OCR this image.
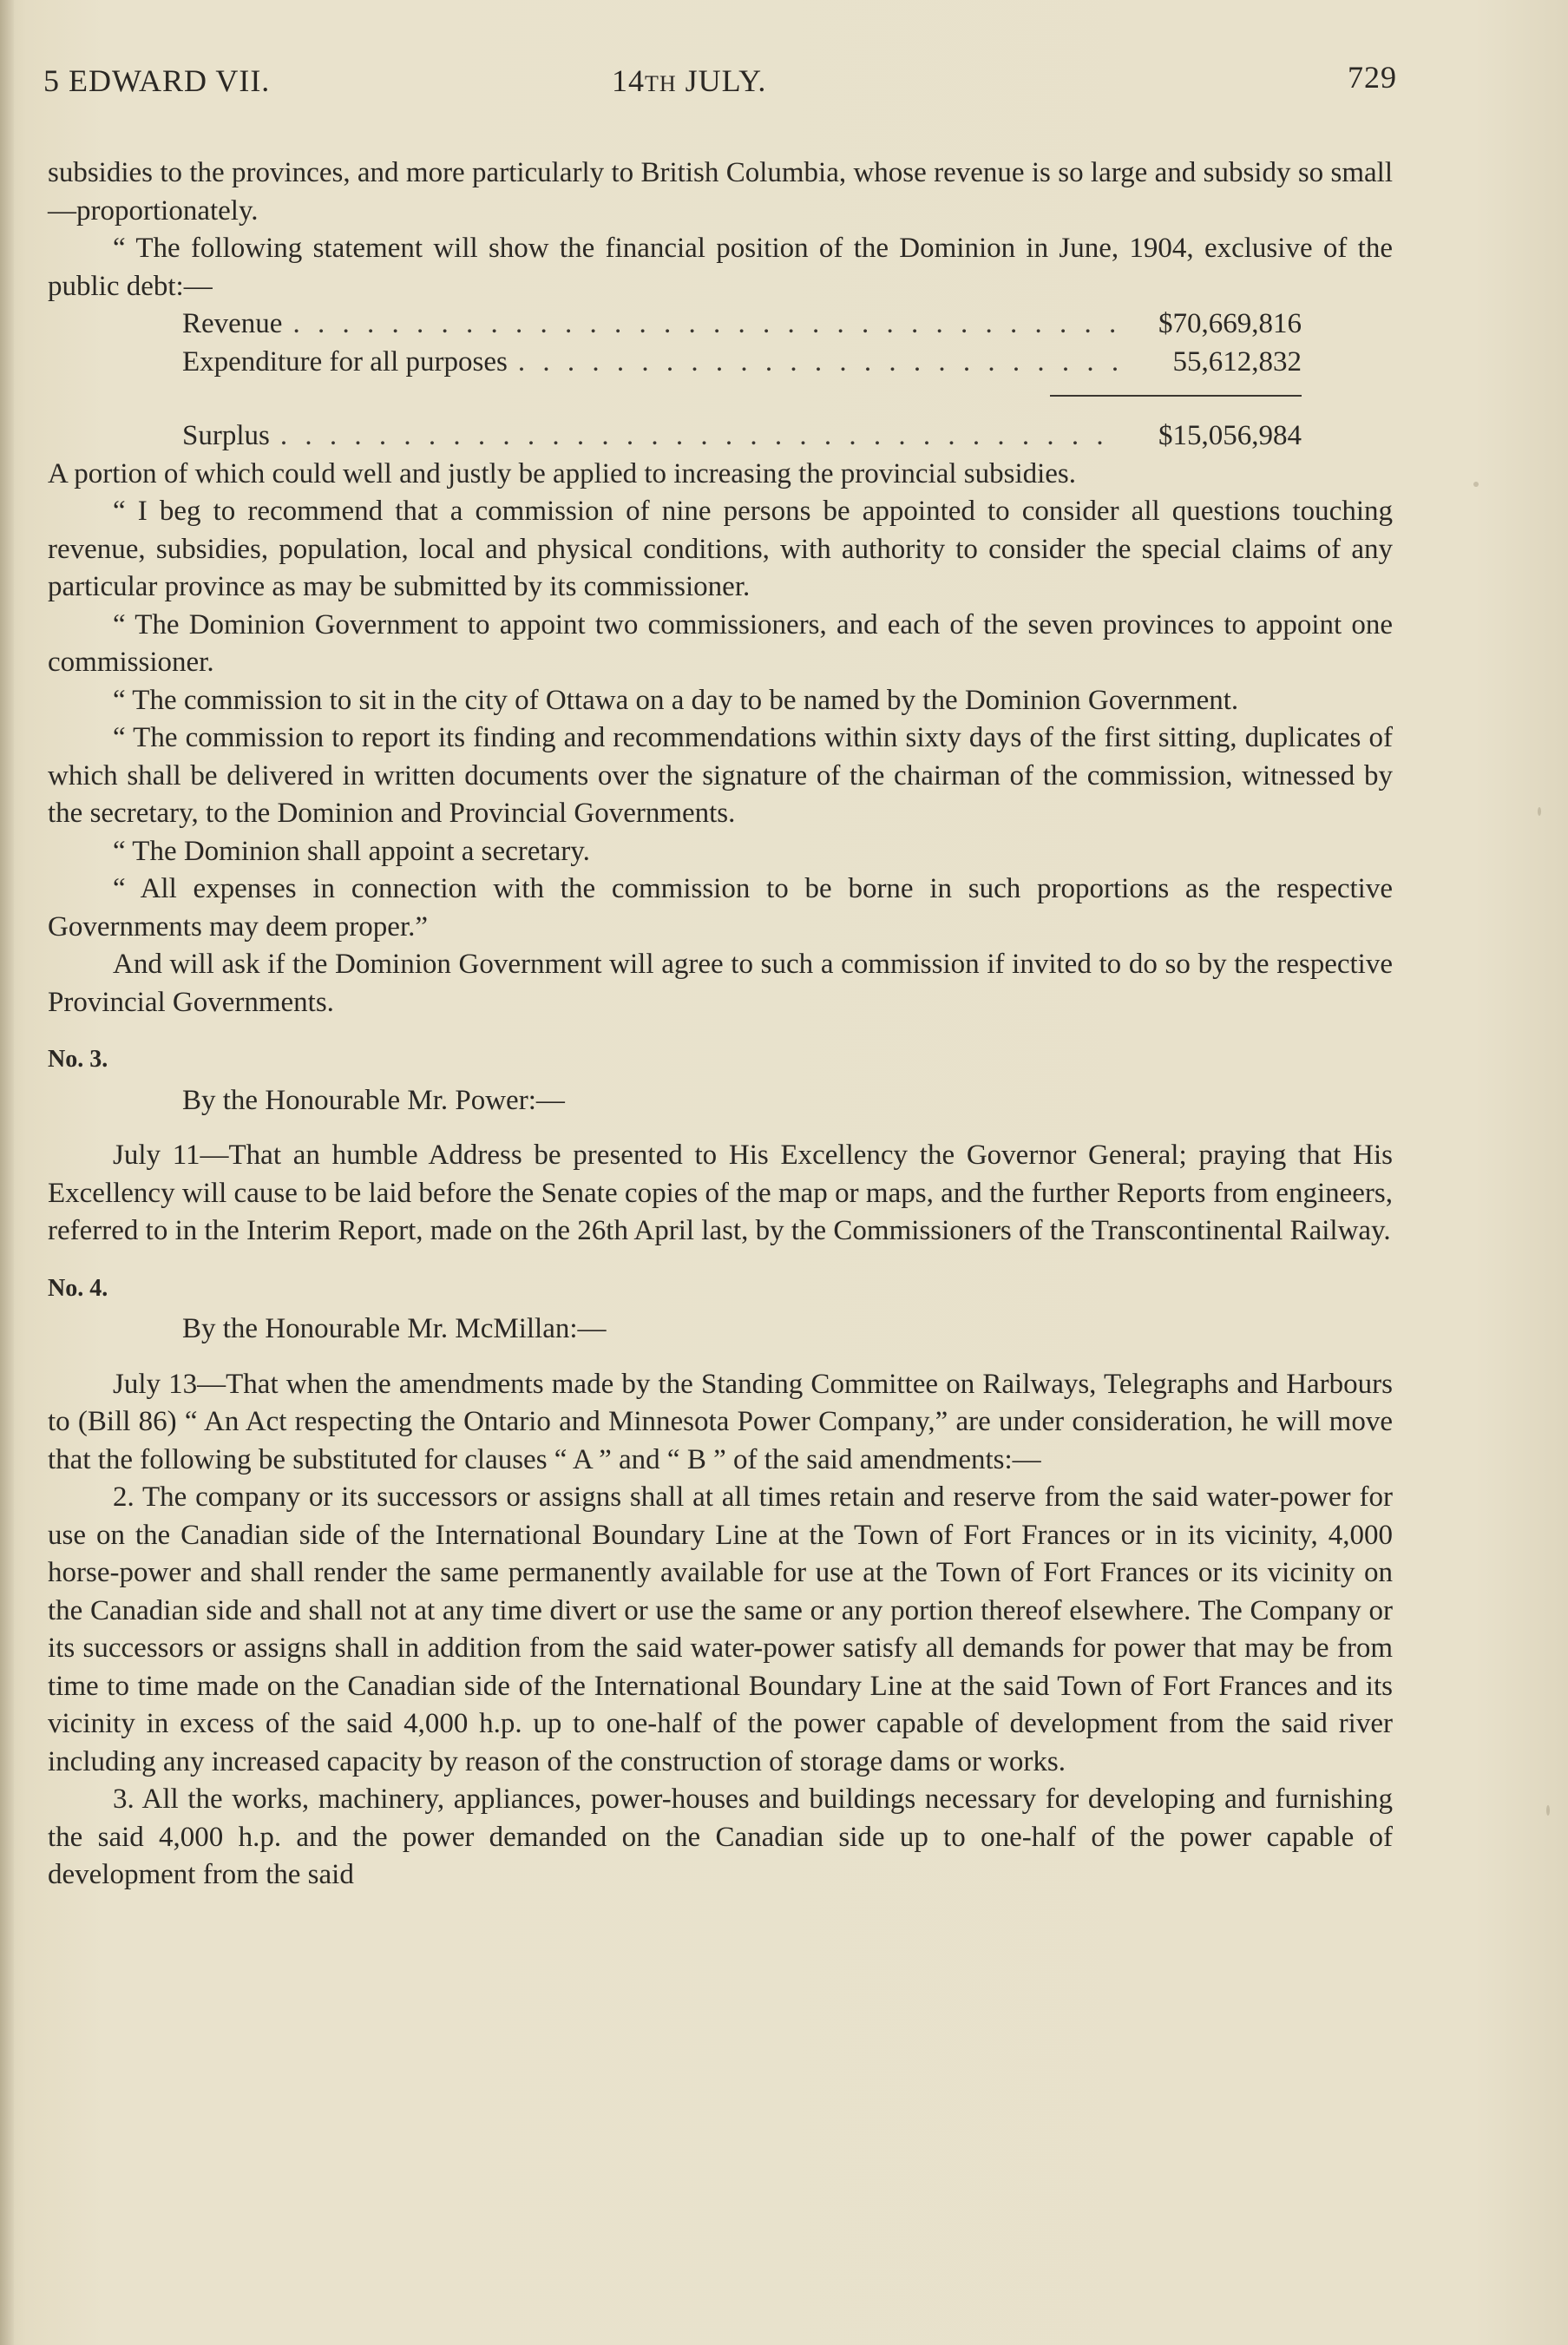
5 EDWARD VII.	14TH JULY.	729

subsidies to the provinces, and more particularly to British Columbia, whose revenue is so large and subsidy so small—proportionately.

“ The following statement will show the financial position of the Dominion in June, 1904, exclusive of the public debt:—

Revenue . . .	$70,669,816
Expenditure for all purposes . . .	55,612,832
Surplus . . .	$15,056,984

A portion of which could well and justly be applied to increasing the provincial subsidies.

“ I beg to recommend that a commission of nine persons be appointed to consider all questions touching revenue, subsidies, population, local and physical conditions, with authority to consider the special claims of any particular province as may be submitted by its commissioner.

“ The Dominion Government to appoint two commissioners, and each of the seven provinces to appoint one commissioner.

“ The commission to sit in the city of Ottawa on a day to be named by the Dominion Government.

“ The commission to report its finding and recommendations within sixty days of the first sitting, duplicates of which shall be delivered in written documents over the signature of the chairman of the commission, witnessed by the secretary, to the Dominion and Provincial Governments.

“ The Dominion shall appoint a secretary.

“ All expenses in connection with the commission to be borne in such proportions as the respective Governments may deem proper.”

And will ask if the Dominion Government will agree to such a commission if invited to do so by the respective Provincial Governments.

No. 3.
By the Honourable Mr. Power:—

July 11—That an humble Address be presented to His Excellency the Governor General; praying that His Excellency will cause to be laid before the Senate copies of the map or maps, and the further Reports from engineers, referred to in the Interim Report, made on the 26th April last, by the Commissioners of the Transcontinental Railway.

No. 4.
By the Honourable Mr. McMillan:—

July 13—That when the amendments made by the Standing Committee on Railways, Telegraphs and Harbours to (Bill 86) “ An Act respecting the Ontario and Minnesota Power Company,” are under consideration, he will move that the following be substituted for clauses “ A ” and “ B ” of the said amendments:—

2. The company or its successors or assigns shall at all times retain and reserve from the said water-power for use on the Canadian side of the International Boundary Line at the Town of Fort Frances or in its vicinity, 4,000 horse-power and shall render the same permanently available for use at the Town of Fort Frances or its vicinity on the Canadian side and shall not at any time divert or use the same or any portion thereof elsewhere. The Company or its successors or assigns shall in addition from the said water-power satisfy all demands for power that may be from time to time made on the Canadian side of the International Boundary Line at the said Town of Fort Frances and its vicinity in excess of the said 4,000 h.p. up to one-half of the power capable of development from the said river including any increased capacity by reason of the construction of storage dams or works.

3. All the works, machinery, appliances, power-houses and buildings necessary for developing and furnishing the said 4,000 h.p. and the power demanded on the Canadian side up to one-half of the power capable of development from the said
